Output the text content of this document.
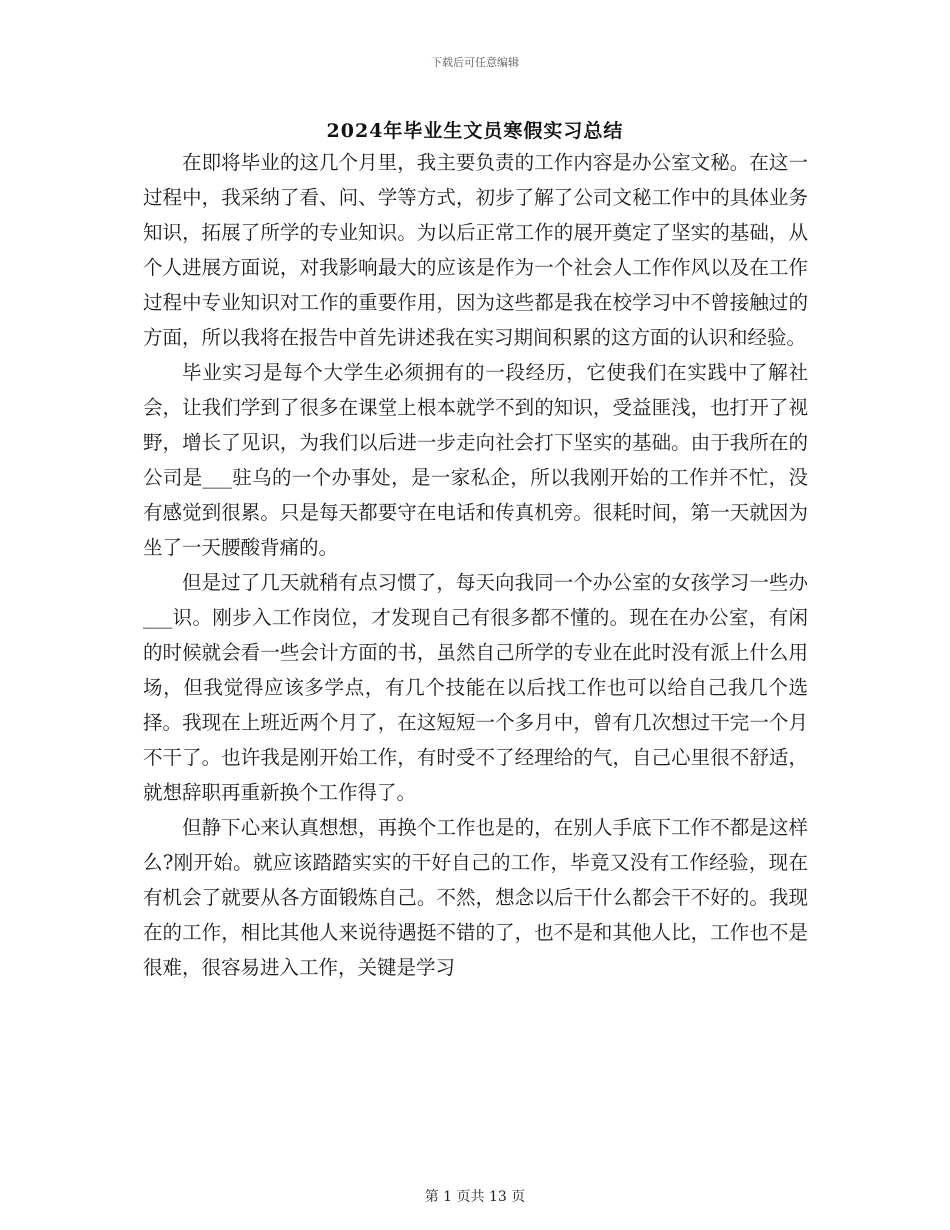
下载后可任意编辑
2024年毕业生文员寒假实习总结

在即将毕业的这几个月里，我主要负责的工作内容是办公室文秘。在这一过程中，我采纳了看、问、学等方式，初步了解了公司文秘工作中的具体业务知识，拓展了所学的专业知识。为以后正常工作的展开奠定了坚实的基础，从个人进展方面说，对我影响最大的应该是作为一个社会人工作作风以及在工作过程中专业知识对工作的重要作用，因为这些都是我在校学习中不曾接触过的方面，所以我将在报告中首先讲述我在实习期间积累的这方面的认识和经验。

毕业实习是每个大学生必须拥有的一段经历，它使我们在实践中了解社会，让我们学到了很多在课堂上根本就学不到的知识，受益匪浅，也打开了视野，增长了见识，为我们以后进一步走向社会打下坚实的基础。由于我所在的公司是___驻乌的一个办事处，是一家私企，所以我刚开始的工作并不忙，没有感觉到很累。只是每天都要守在电话和传真机旁。很耗时间，第一天就因为坐了一天腰酸背痛的。

但是过了几天就稍有点习惯了，每天向我同一个办公室的女孩学习一些办___识。刚步入工作岗位，才发现自己有很多都不懂的。现在在办公室，有闲的时候就会看一些会计方面的书，虽然自己所学的专业在此时没有派上什么用场，但我觉得应该多学点，有几个技能在以后找工作也可以给自己我几个选择。我现在上班近两个月了，在这短短一个多月中，曾有几次想过干完一个月不干了。也许我是刚开始工作，有时受不了经理给的气，自己心里很不舒适，就想辞职再重新换个工作得了。

但静下心来认真想想，再换个工作也是的，在别人手底下工作不都是这样么?刚开始。就应该踏踏实实的干好自己的工作，毕竟又没有工作经验，现在有机会了就要从各方面锻炼自己。不然，想念以后干什么都会干不好的。我现在的工作，相比其他人来说待遇挺不错的了，也不是和其他人比，工作也不是很难，很容易进入工作，关键是学习

第 1 页共 13 页
